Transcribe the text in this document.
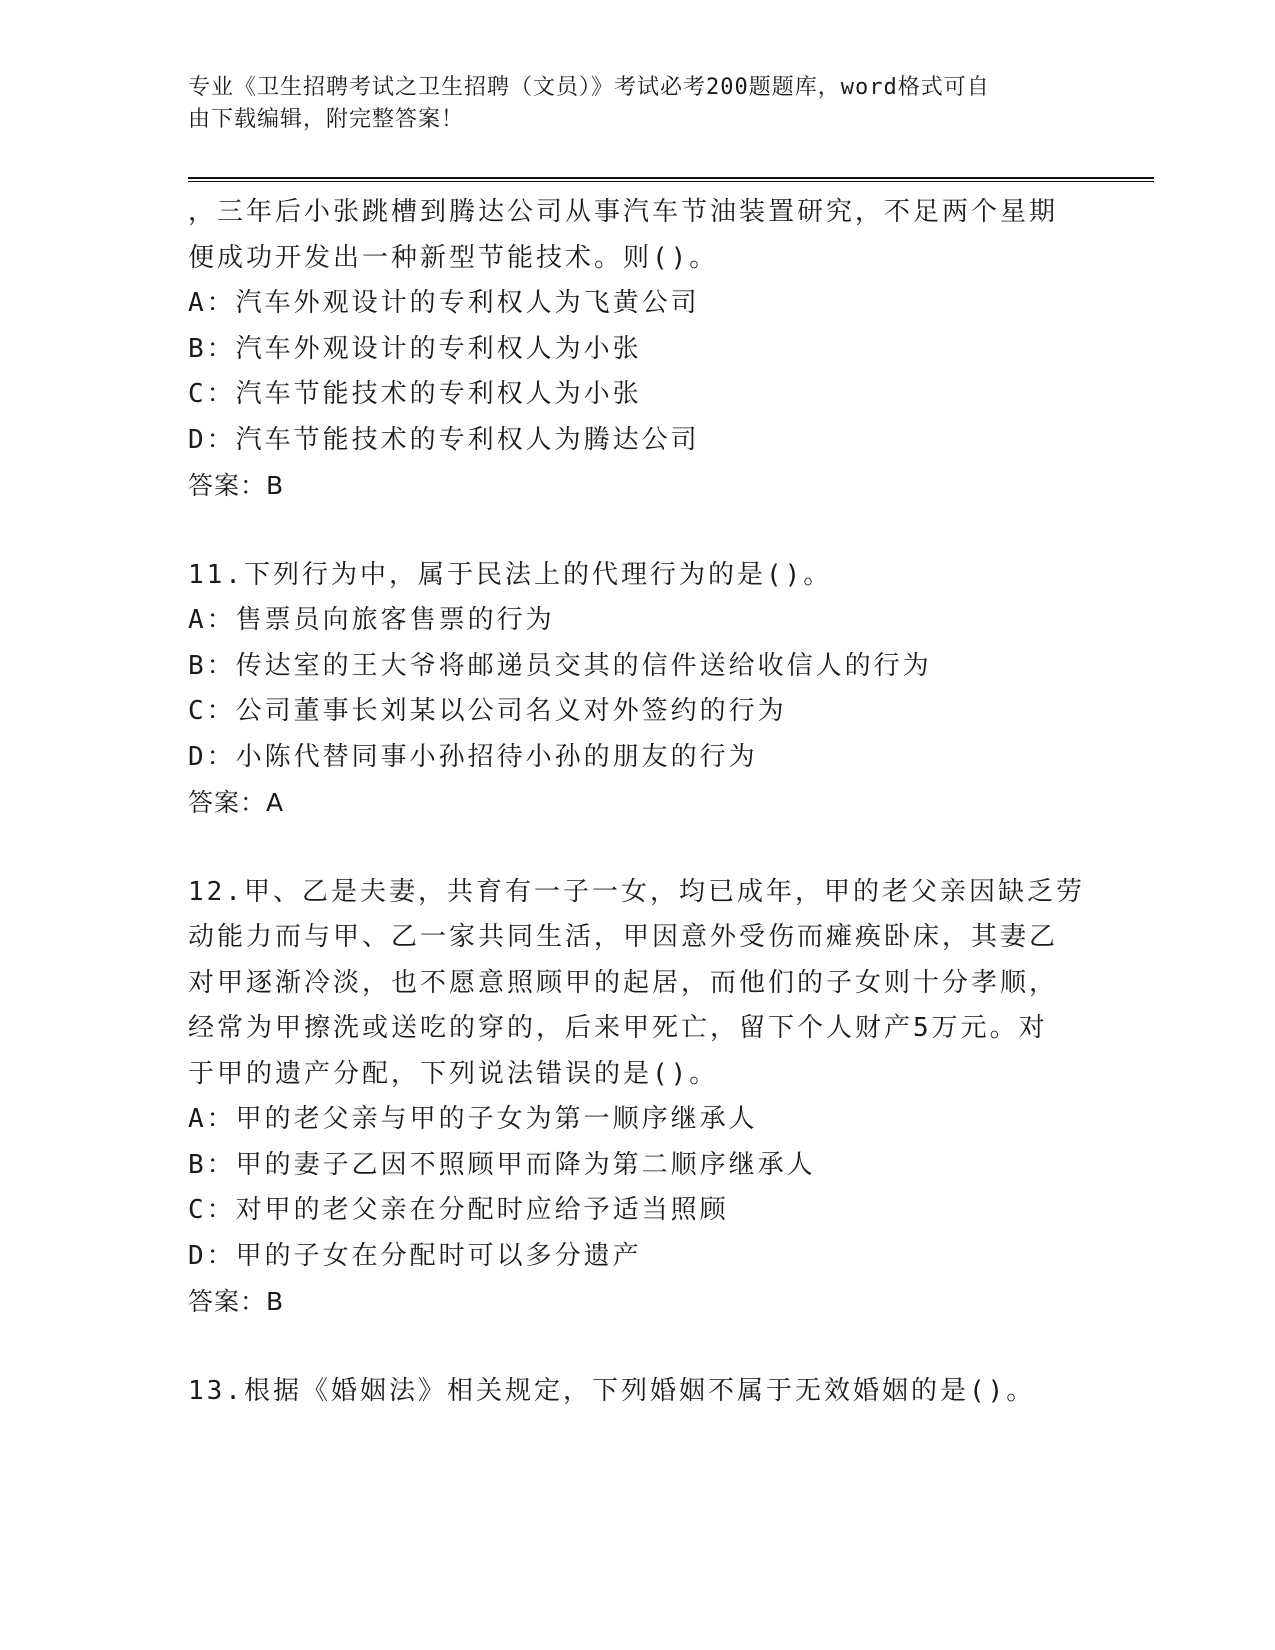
专业《卫生招聘考试之卫生招聘（文员）》考试必考200题题库，word格式可自
由下载编辑，附完整答案！
，三年后小张跳槽到腾达公司从事汽车节油装置研究，不足两个星期
便成功开发出一种新型节能技术。则()。
A：汽车外观设计的专利权人为飞黄公司
B：汽车外观设计的专利权人为小张
C：汽车节能技术的专利权人为小张
D：汽车节能技术的专利权人为腾达公司
答案：B
11.下列行为中，属于民法上的代理行为的是()。
A：售票员向旅客售票的行为
B：传达室的王大爷将邮递员交其的信件送给收信人的行为
C：公司董事长刘某以公司名义对外签约的行为
D：小陈代替同事小孙招待小孙的朋友的行为
答案：A
12.甲、乙是夫妻，共育有一子一女，均已成年，甲的老父亲因缺乏劳
动能力而与甲、乙一家共同生活，甲因意外受伤而瘫痪卧床，其妻乙
对甲逐渐冷淡，也不愿意照顾甲的起居，而他们的子女则十分孝顺，
经常为甲擦洗或送吃的穿的，后来甲死亡，留下个人财产5万元。对
于甲的遗产分配，下列说法错误的是()。
A：甲的老父亲与甲的子女为第一顺序继承人
B：甲的妻子乙因不照顾甲而降为第二顺序继承人
C：对甲的老父亲在分配时应给予适当照顾
D：甲的子女在分配时可以多分遗产
答案：B
13.根据《婚姻法》相关规定，下列婚姻不属于无效婚姻的是()。
